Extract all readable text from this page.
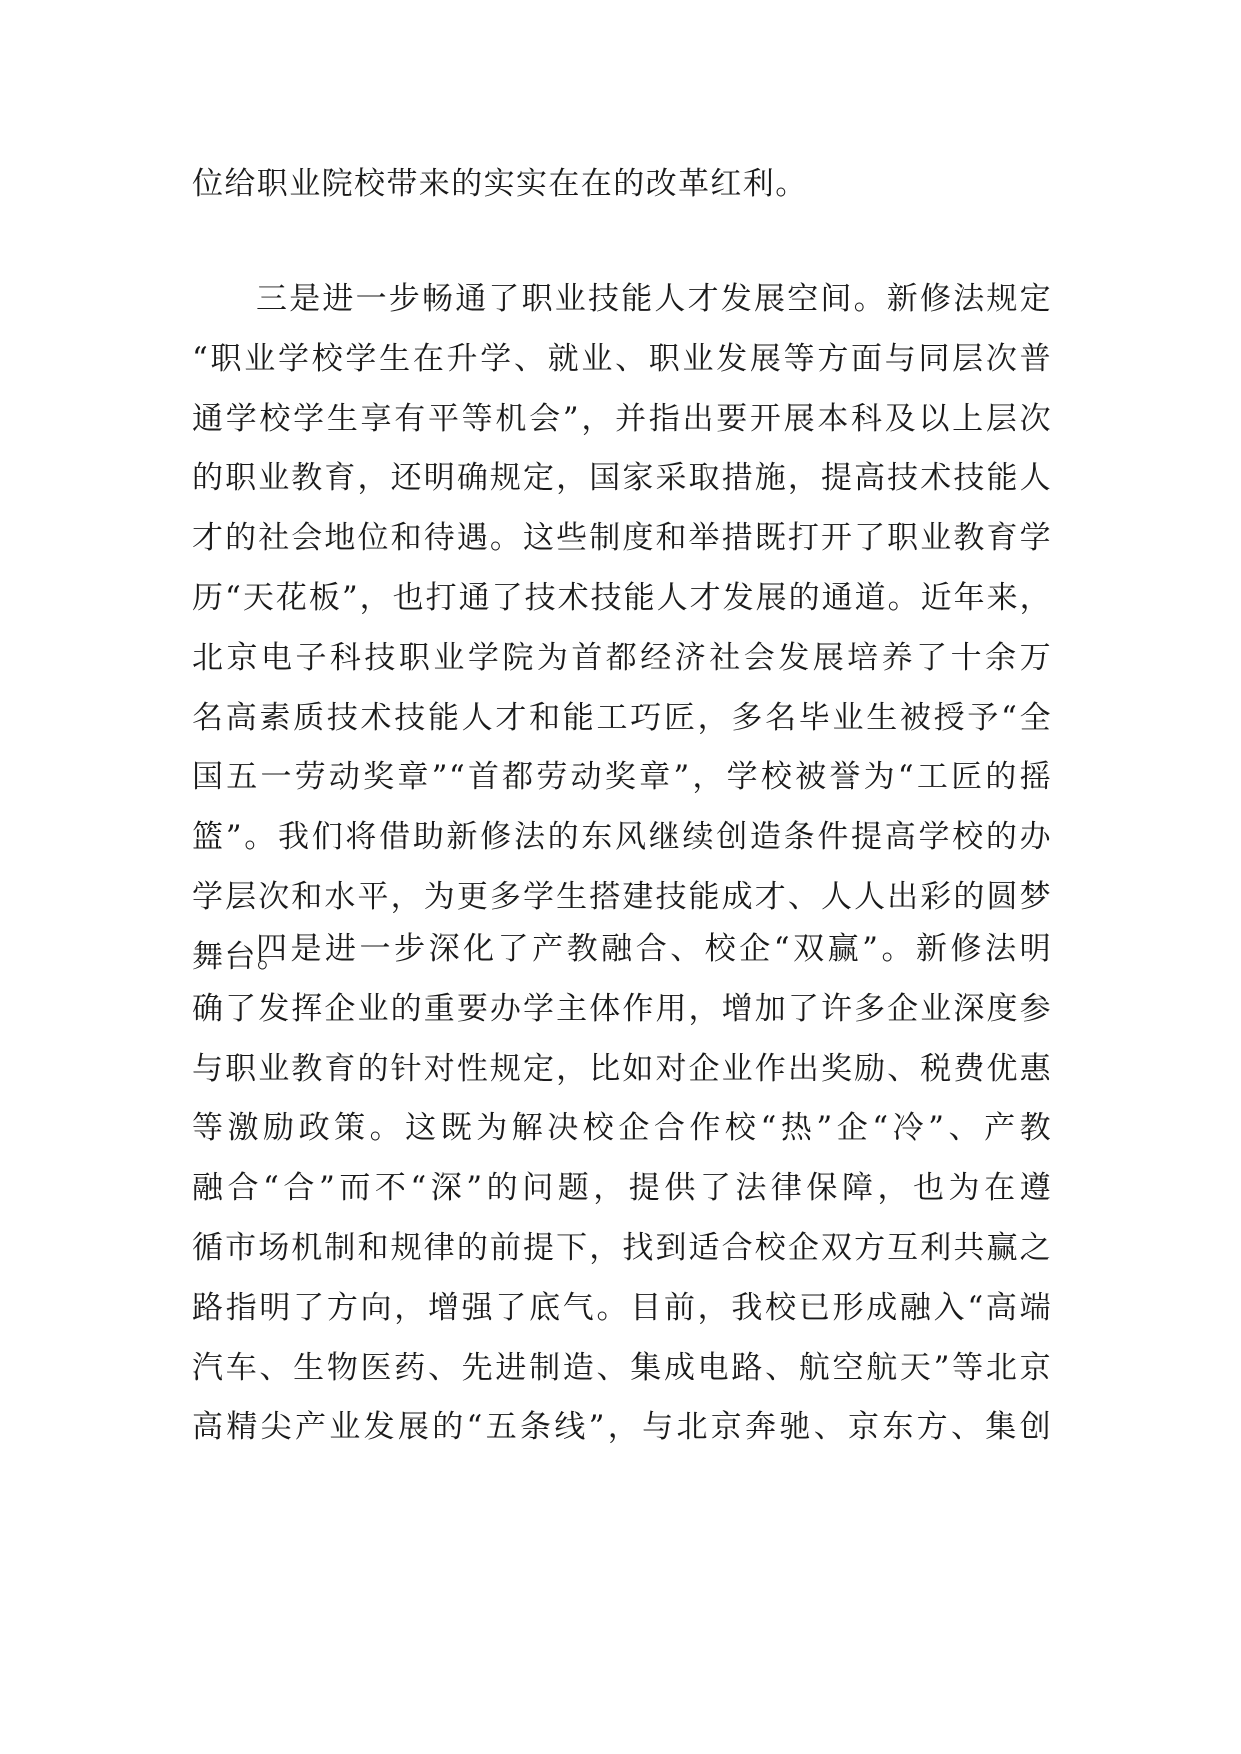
位给职业院校带来的实实在在的改革红利。
三是进一步畅通了职业技能人才发展空间。新修法规定
“职业学校学生在升学、就业、职业发展等方面与同层次普
通学校学生享有平等机会”，并指出要开展本科及以上层次
的职业教育，还明确规定，国家采取措施，提高技术技能人
才的社会地位和待遇。这些制度和举措既打开了职业教育学
历“天花板”，也打通了技术技能人才发展的通道。近年来，
北京电子科技职业学院为首都经济社会发展培养了十余万
名高素质技术技能人才和能工巧匠，多名毕业生被授予“全
国五一劳动奖章”“首都劳动奖章”，学校被誉为“工匠的摇
篮”。我们将借助新修法的东风继续创造条件提高学校的办
学层次和水平，为更多学生搭建技能成才、人人出彩的圆梦
舞台。
四是进一步深化了产教融合、校企“双赢”。新修法明
确了发挥企业的重要办学主体作用，增加了许多企业深度参
与职业教育的针对性规定，比如对企业作出奖励、税费优惠
等激励政策。这既为解决校企合作校“热”企“冷”、产教
融合“合”而不“深”的问题，提供了法律保障，也为在遵
循市场机制和规律的前提下，找到适合校企双方互利共赢之
路指明了方向，增强了底气。目前，我校已形成融入“高端
汽车、生物医药、先进制造、集成电路、航空航天”等北京
高精尖产业发展的“五条线”，与北京奔驰、京东方、集创
